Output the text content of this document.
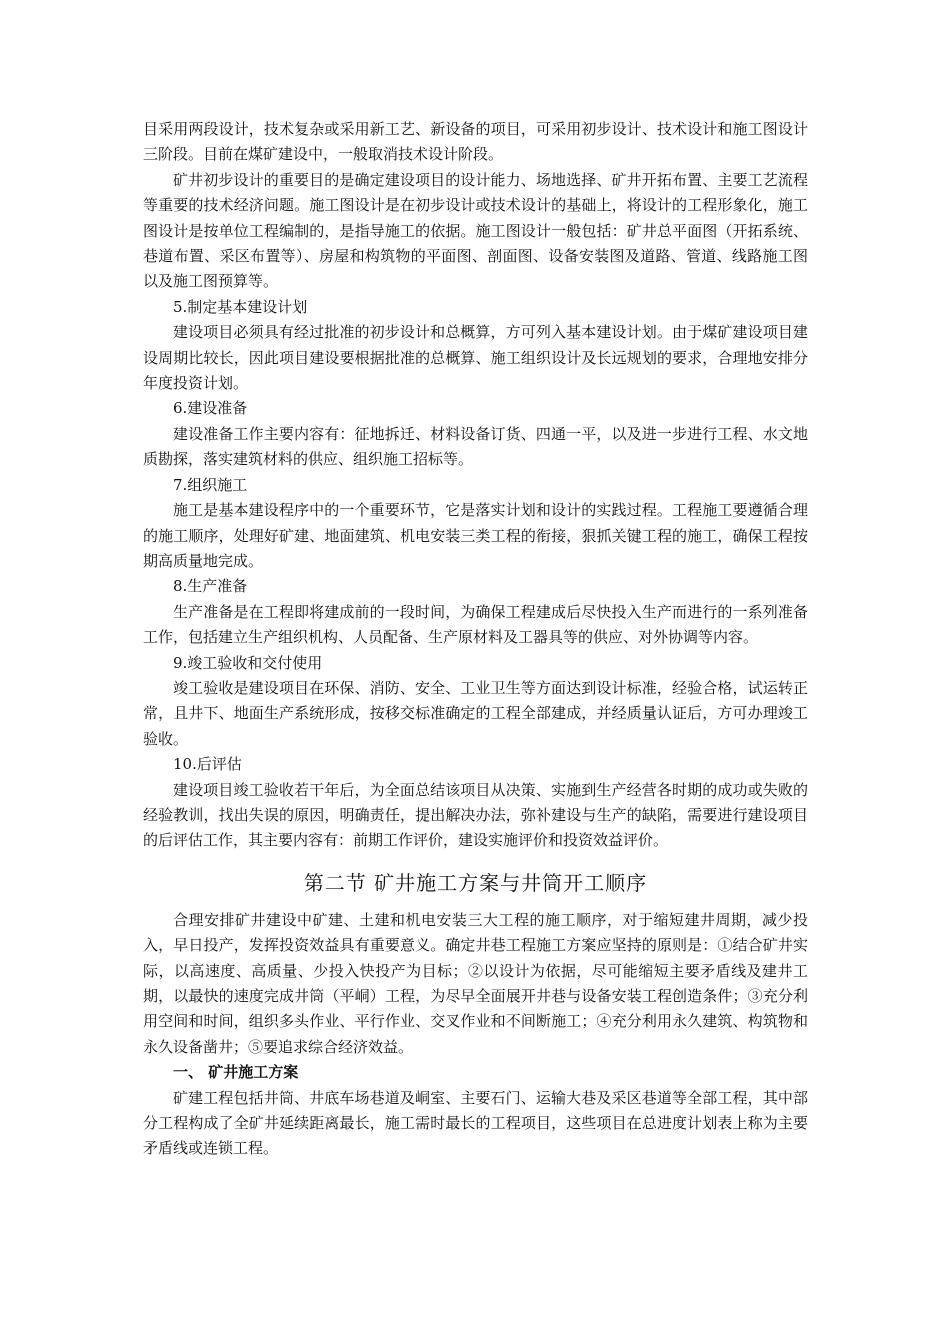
目采用两段设计，技术复杂或采用新工艺、新设备的项目，可采用初步设计、技术设计和施工图设计三阶段。目前在煤矿建设中，一般取消技术设计阶段。

矿井初步设计的重要目的是确定建设项目的设计能力、场地选择、矿井开拓布置、主要工艺流程等重要的技术经济问题。施工图设计是在初步设计或技术设计的基础上，将设计的工程形象化，施工图设计是按单位工程编制的，是指导施工的依据。施工图设计一般包括：矿井总平面图（开拓系统、巷道布置、采区布置等）、房屋和构筑物的平面图、剖面图、设备安装图及道路、管道、线路施工图以及施工图预算等。

5.制定基本建设计划

建设项目必须具有经过批准的初步设计和总概算，方可列入基本建设计划。由于煤矿建设项目建设周期比较长，因此项目建设要根据批准的总概算、施工组织设计及长远规划的要求，合理地安排分年度投资计划。

6.建设准备

建设准备工作主要内容有：征地拆迁、材料设备订货、四通一平，以及进一步进行工程、水文地质勘探，落实建筑材料的供应、组织施工招标等。

7.组织施工

施工是基本建设程序中的一个重要环节，它是落实计划和设计的实践过程。工程施工要遵循合理的施工顺序，处理好矿建、地面建筑、机电安装三类工程的衔接，狠抓关键工程的施工，确保工程按期高质量地完成。

8.生产准备

生产准备是在工程即将建成前的一段时间，为确保工程建成后尽快投入生产而进行的一系列准备工作，包括建立生产组织机构、人员配备、生产原材料及工器具等的供应、对外协调等内容。

9.竣工验收和交付使用

竣工验收是建设项目在环保、消防、安全、工业卫生等方面达到设计标准，经验合格，试运转正常，且井下、地面生产系统形成，按移交标准确定的工程全部建成，并经质量认证后，方可办理竣工验收。

10.后评估

建设项目竣工验收若干年后，为全面总结该项目从决策、实施到生产经营各时期的成功或失败的经验教训，找出失误的原因，明确责任，提出解决办法，弥补建设与生产的缺陷，需要进行建设项目的后评估工作，其主要内容有：前期工作评价，建设实施评价和投资效益评价。

第二节 矿井施工方案与井筒开工顺序

合理安排矿井建设中矿建、土建和机电安装三大工程的施工顺序，对于缩短建井周期，减少投入，早日投产，发挥投资效益具有重要意义。确定井巷工程施工方案应坚持的原则是：①结合矿井实际，以高速度、高质量、少投入快投产为目标；②以设计为依据，尽可能缩短主要矛盾线及建井工期，以最快的速度完成井筒（平峒）工程，为尽早全面展开井巷与设备安装工程创造条件；③充分利用空间和时间，组织多头作业、平行作业、交叉作业和不间断施工；④充分利用永久建筑、构筑物和永久设备凿井；⑤要追求综合经济效益。

一、 矿井施工方案

矿建工程包括井筒、井底车场巷道及峒室、主要石门、运输大巷及采区巷道等全部工程，其中部分工程构成了全矿井延续距离最长，施工需时最长的工程项目，这些项目在总进度计划表上称为主要矛盾线或连锁工程。
